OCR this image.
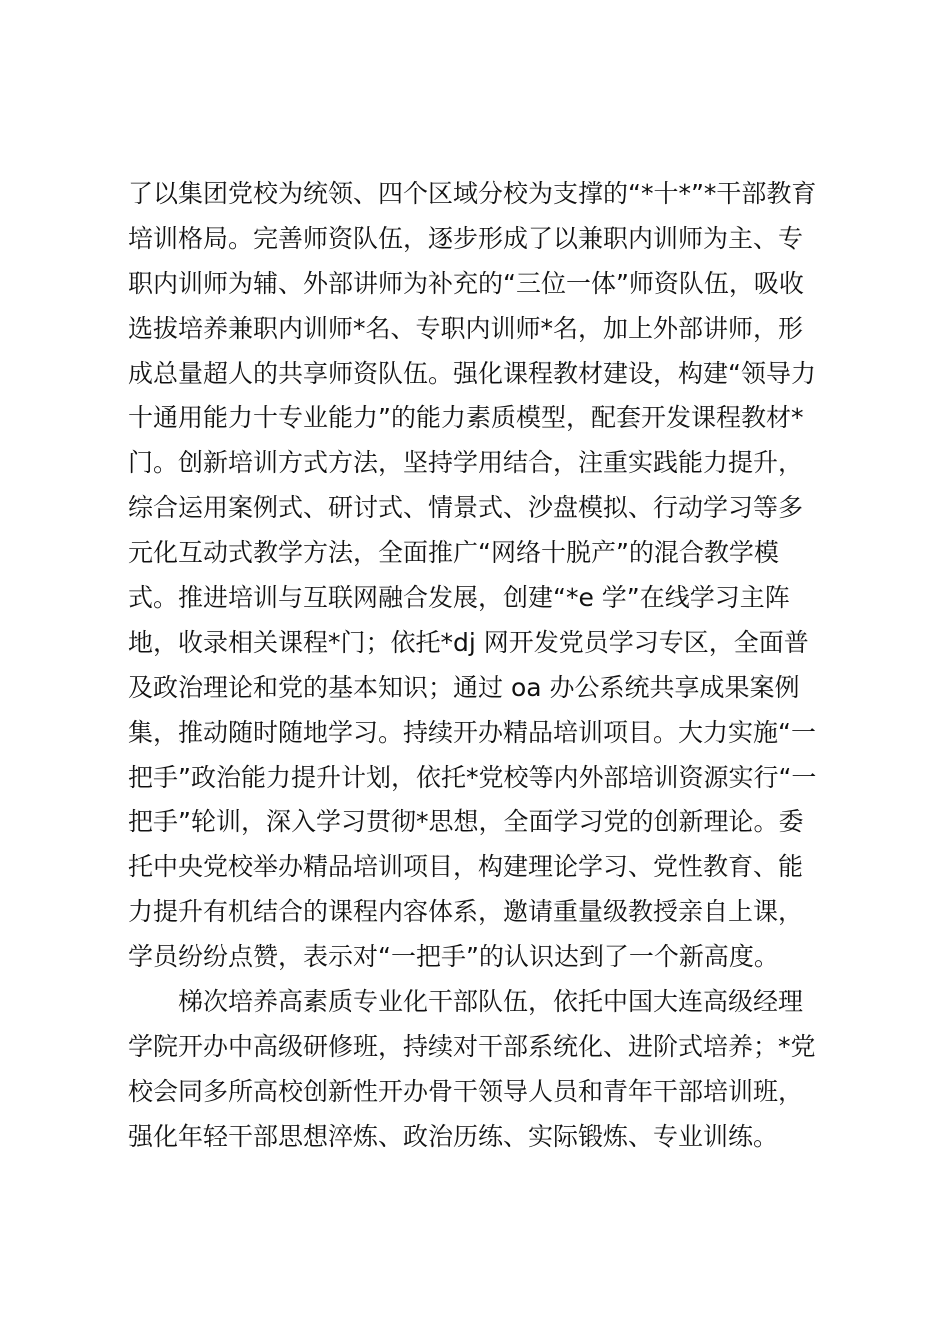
了以集团党校为统领、四个区域分校为支撑的“*十*”*干部教育
培训格局。完善师资队伍，逐步形成了以兼职内训师为主、专
职内训师为辅、外部讲师为补充的“三位一体”师资队伍，吸收
选拔培养兼职内训师*名、专职内训师*名，加上外部讲师，形
成总量超人的共享师资队伍。强化课程教材建设，构建“领导力
十通用能力十专业能力”的能力素质模型，配套开发课程教材*
门。创新培训方式方法，坚持学用结合，注重实践能力提升，
综合运用案例式、研讨式、情景式、沙盘模拟、行动学习等多
元化互动式教学方法，全面推广“网络十脱产”的混合教学模
式。推进培训与互联网融合发展，创建“*e 学”在线学习主阵
地，收录相关课程*门；依托*dj 网开发党员学习专区，全面普
及政治理论和党的基本知识；通过 oa 办公系统共享成果案例
集，推动随时随地学习。持续开办精品培训项目。大力实施“一
把手”政治能力提升计划，依托*党校等内外部培训资源实行“一
把手”轮训，深入学习贯彻*思想，全面学习党的创新理论。委
托中央党校举办精品培训项目，构建理论学习、党性教育、能
力提升有机结合的课程内容体系，邀请重量级教授亲自上课，
学员纷纷点赞，表示对“一把手”的认识达到了一个新高度。
梯次培养高素质专业化干部队伍，依托中国大连高级经理
学院开办中高级研修班，持续对干部系统化、进阶式培养；*党
校会同多所高校创新性开办骨干领导人员和青年干部培训班，
强化年轻干部思想淬炼、政治历练、实际锻炼、专业训练。
